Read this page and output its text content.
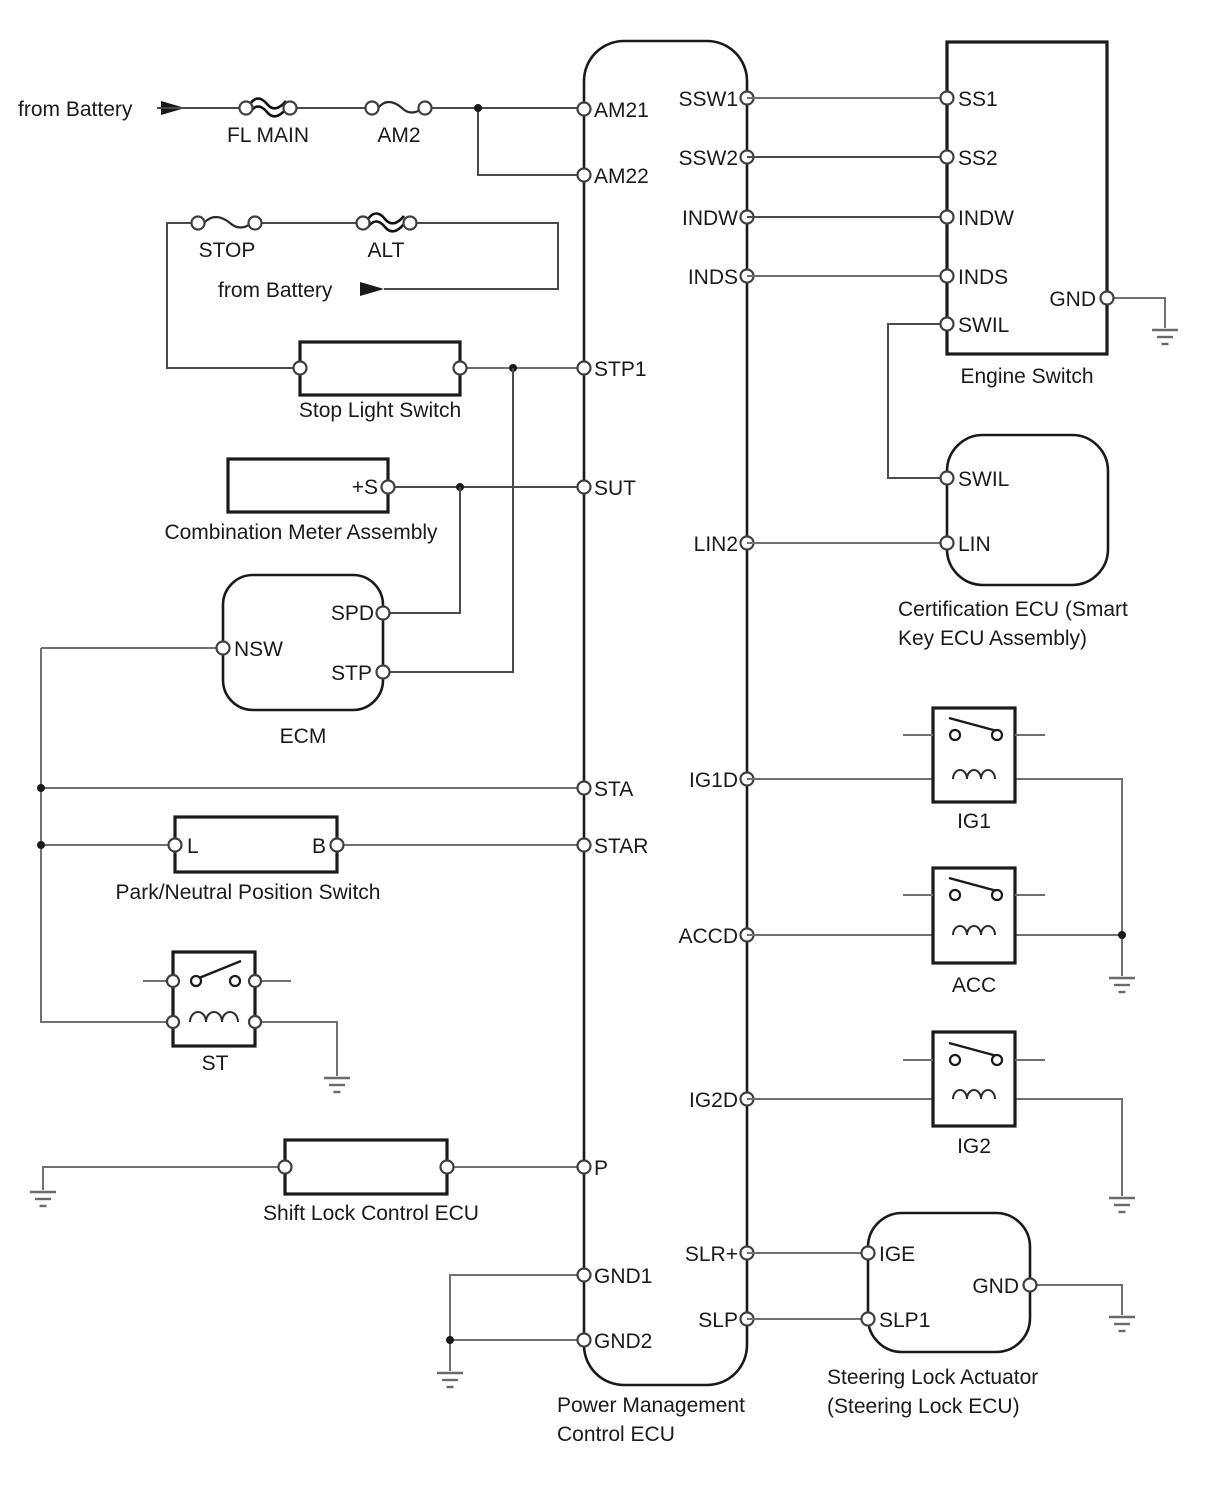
from Battery
FL MAIN	AM2
STOP	ALT
from Battery
Stop Light Switch
+S
Combination Meter Assembly
SPD
NSW
STP
ECM
L	B
Park/Neutral Position Switch
ST
Shift Lock Control ECU
AM21
AM22
STP1
SUT
STA
STAR
P
GND1
GND2
SSW1
SSW2
INDW
INDS
LIN2
IG1D
ACCD
IG2D
SLR+
SLP
Power Management
Control ECU
SS1
SS2
INDW
INDS
SWIL
GND
Engine Switch
SWIL
LIN
Certification ECU (Smart
Key ECU Assembly)
IG1
ACC
IG2
IGE
SLP1
GND
Steering Lock Actuator
(Steering Lock ECU)
